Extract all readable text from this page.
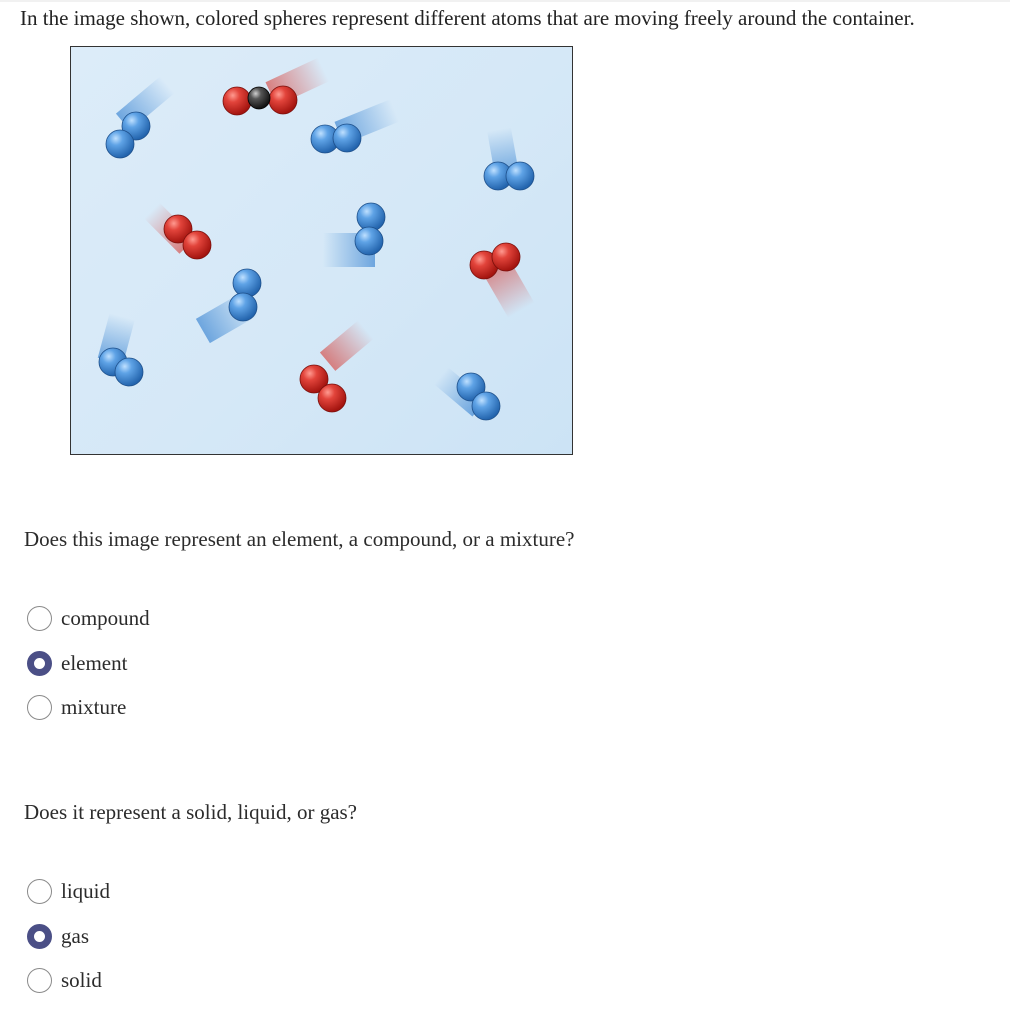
In the image shown, colored spheres represent different atoms that are moving freely around the container.
Does this image represent an element, a compound, or a mixture?
compound
element
mixture
Does it represent a solid, liquid, or gas?
liquid
gas
solid
